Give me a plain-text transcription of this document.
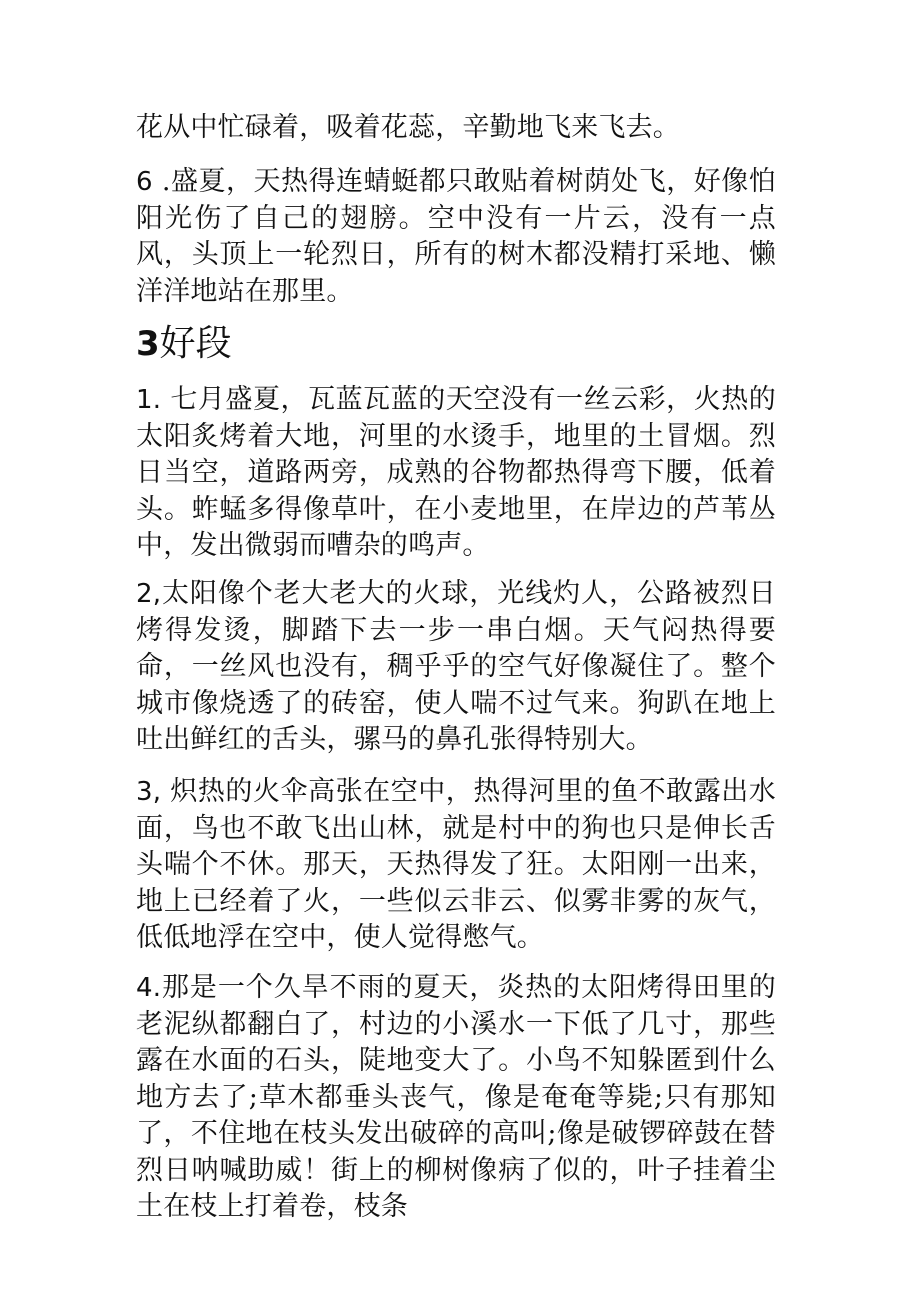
花从中忙碌着，吸着花蕊，辛勤地飞来飞去。

6 .盛夏，天热得连蜻蜓都只敢贴着树荫处飞，好像怕阳光伤了自己的翅膀。空中没有一片云，没有一点风，头顶上一轮烈日，所有的树木都没精打采地、懒洋洋地站在那里。

3好段

1. 七月盛夏，瓦蓝瓦蓝的天空没有一丝云彩，火热的太阳炙烤着大地，河里的水烫手，地里的土冒烟。烈日当空，道路两旁，成熟的谷物都热得弯下腰，低着头。蚱蜢多得像草叶，在小麦地里，在岸边的芦苇丛中，发出微弱而嘈杂的鸣声。

2,太阳像个老大老大的火球，光线灼人，公路被烈日烤得发烫，脚踏下去一步一串白烟。天气闷热得要命，一丝风也没有，稠乎乎的空气好像凝住了。整个城市像烧透了的砖窑，使人喘不过气来。狗趴在地上吐出鲜红的舌头，骡马的鼻孔张得特别大。

3, 炽热的火伞高张在空中，热得河里的鱼不敢露出水面，鸟也不敢飞出山林，就是村中的狗也只是伸长舌头喘个不休。那天，天热得发了狂。太阳刚一出来，地上已经着了火，一些似云非云、似雾非雾的灰气，低低地浮在空中，使人觉得憋气。

4.那是一个久旱不雨的夏天，炎热的太阳烤得田里的老泥纵都翻白了，村边的小溪水一下低了几寸，那些露在水面的石头，陡地变大了。小鸟不知躲匿到什么地方去了;草木都垂头丧气，像是奄奄等毙;只有那知了，不住地在枝头发出破碎的高叫;像是破锣碎鼓在替烈日呐喊助威！街上的柳树像病了似的，叶子挂着尘土在枝上打着卷，枝条
